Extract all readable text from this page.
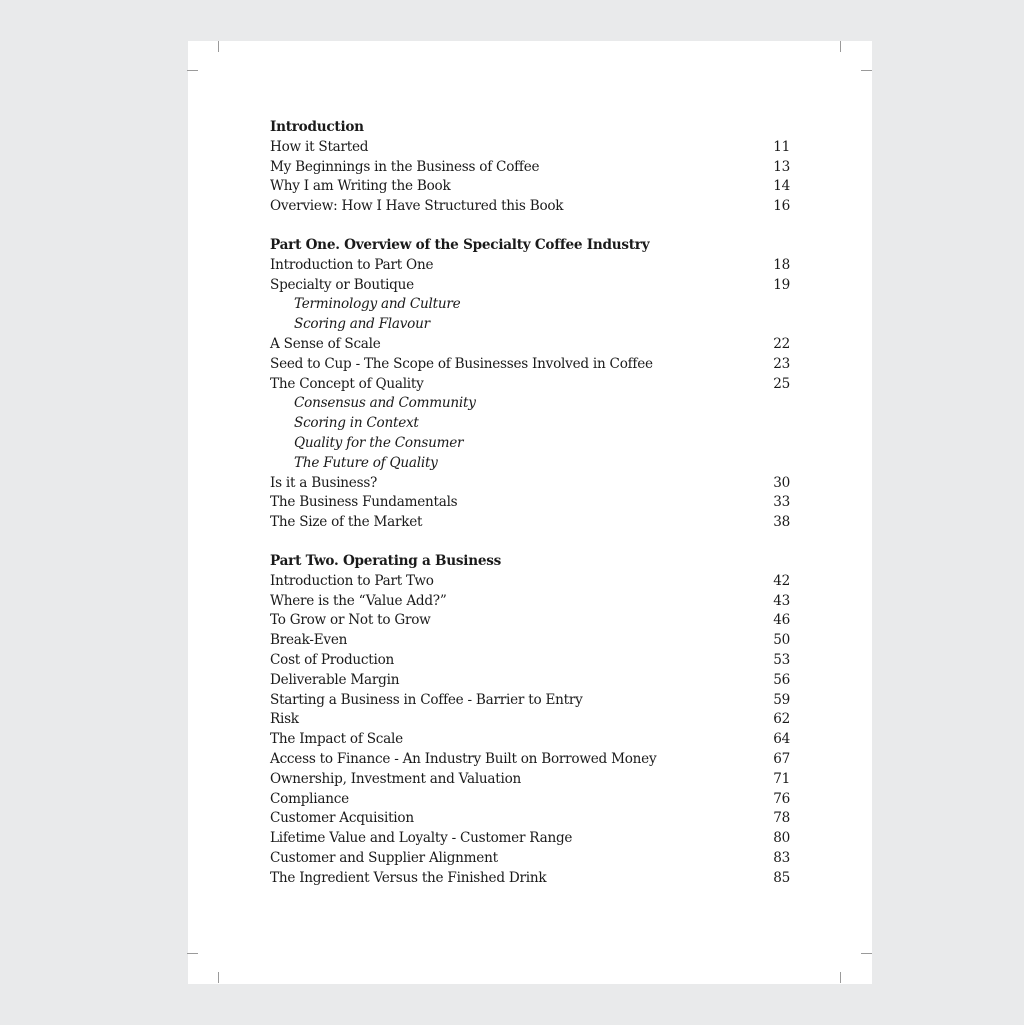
Introduction
How it Started	11
My Beginnings in the Business of Coffee	13
Why I am Writing the Book	14
Overview: How I Have Structured this Book	16
Part One. Overview of the Specialty Coffee Industry
Introduction to Part One	18
Specialty or Boutique	19
Terminology and Culture
Scoring and Flavour
A Sense of Scale	22
Seed to Cup - The Scope of Businesses Involved in Coffee	23
The Concept of Quality	25
Consensus and Community
Scoring in Context
Quality for the Consumer
The Future of Quality
Is it a Business?	30
The Business Fundamentals	33
The Size of the Market	38
Part Two. Operating a Business
Introduction to Part Two	42
Where is the “Value Add?”	43
To Grow or Not to Grow	46
Break-Even	50
Cost of Production	53
Deliverable Margin	56
Starting a Business in Coffee - Barrier to Entry	59
Risk	62
The Impact of Scale	64
Access to Finance - An Industry Built on Borrowed Money	67
Ownership, Investment and Valuation	71
Compliance	76
Customer Acquisition	78
Lifetime Value and Loyalty - Customer Range	80
Customer and Supplier Alignment	83
The Ingredient Versus the Finished Drink	85
